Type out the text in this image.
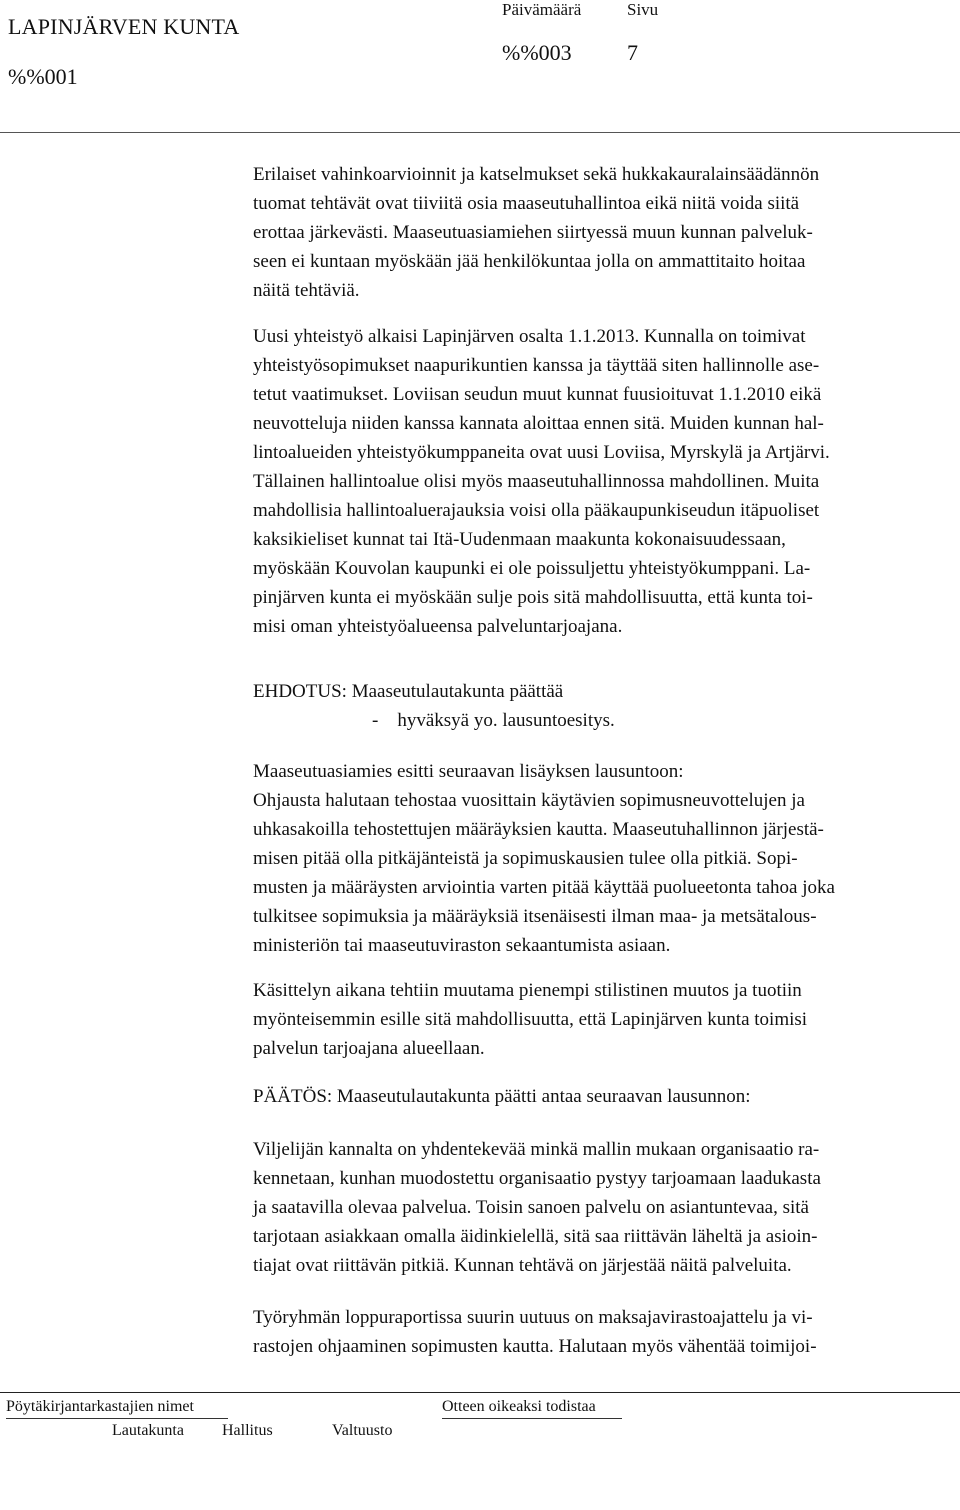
LAPINJÄRVEN KUNTA
%%001
Päivämäärä	Sivu
%%003	7
Erilaiset vahinkoarvioinnit ja katselmukset sekä hukkakauralainsäädännön
tuomat tehtävät ovat tiiviitä osia maaseutuhallintoa eikä niitä voida siitä
erottaa järkevästi. Maaseutuasiamiehen siirtyessä muun kunnan palveluk-
seen ei kuntaan myöskään jää henkilökuntaa jolla on ammattitaito hoitaa
näitä tehtäviä.
Uusi yhteistyö alkaisi Lapinjärven osalta 1.1.2013. Kunnalla on toimivat
yhteistyösopimukset naapurikuntien kanssa ja täyttää siten hallinnolle ase-
tetut vaatimukset. Loviisan seudun muut kunnat fuusioituvat 1.1.2010 eikä
neuvotteluja niiden kanssa kannata aloittaa ennen sitä. Muiden kunnan hal-
lintoalueiden yhteistyökumppaneita ovat uusi Loviisa, Myrskylä ja Artjärvi.
Tällainen hallintoalue olisi myös maaseutuhallinnossa mahdollinen. Muita
mahdollisia hallintoaluerajauksia voisi olla pääkaupunkiseudun itäpuoliset
kaksikieliset kunnat tai Itä-Uudenmaan maakunta kokonaisuudessaan,
myöskään Kouvolan kaupunki ei ole poissuljettu yhteistyökumppani. La-
pinjärven kunta ei myöskään sulje pois sitä mahdollisuutta, että kunta toi-
misi oman yhteistyöalueensa palveluntarjoajana.
EHDOTUS: Maaseutulautakunta päättää
-    hyväksyä yo. lausuntoesitys.
Maaseutuasiamies esitti seuraavan lisäyksen lausuntoon:
Ohjausta halutaan tehostaa vuosittain käytävien sopimusneuvottelujen ja
uhkasakoilla tehostettujen määräyksien kautta. Maaseutuhallinnon järjestä-
misen pitää olla pitkäjänteistä ja sopimuskausien tulee olla pitkiä. Sopi-
musten ja määräysten arviointia varten pitää käyttää puolueetonta tahoa joka
tulkitsee sopimuksia ja määräyksiä itsenäisesti ilman maa- ja metsätalous-
ministeriön tai maaseutuviraston sekaantumista asiaan.
Käsittelyn aikana tehtiin muutama pienempi stilistinen muutos ja tuotiin
myönteisemmin esille sitä mahdollisuutta, että Lapinjärven kunta toimisi
palvelun tarjoajana alueellaan.
PÄÄTÖS: Maaseutulautakunta päätti antaa seuraavan lausunnon:
Viljelijän kannalta on yhdentekevää minkä mallin mukaan organisaatio ra-
kennetaan, kunhan muodostettu organisaatio pystyy tarjoamaan laadukasta
ja saatavilla olevaa palvelua. Toisin sanoen palvelu on asiantuntevaa, sitä
tarjotaan asiakkaan omalla äidinkielellä, sitä saa riittävän läheltä ja asioin-
tiajat ovat riittävän pitkiä. Kunnan tehtävä on järjestää näitä palveluita.
Työryhmän loppuraportissa suurin uutuus on maksajavirastoajattelu ja vi-
rastojen ohjaaminen sopimusten kautta. Halutaan myös vähentää toimijoi-
Pöytäkirjantarkastajien nimet	Otteen oikeaksi todistaa
Lautakunta Hallitus	Valtuusto
